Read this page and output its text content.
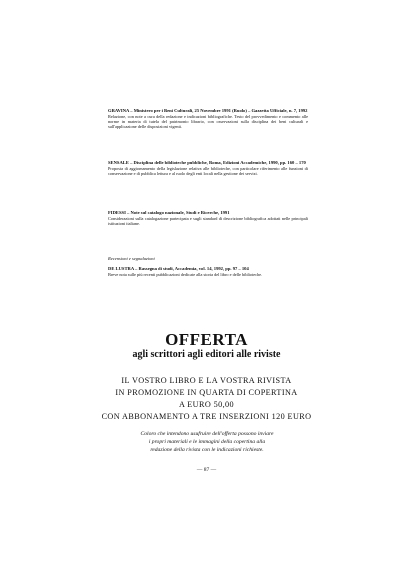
GRAVINA – Ministero per i Beni Culturali, 25 Novembre 1991 (Ruolo) – Gazzetta Ufficiale, n. 7, 1992
Relazione, con note a cura della redazione e indicazioni bibliografiche. Testo del provvedimento e commento alle norme in materia di tutela del patrimonio librario, con osservazioni sulla disciplina dei beni culturali e sull'applicazione delle disposizioni vigenti.
SENSALE – Disciplina delle biblioteche pubbliche, Roma, Edizioni Accademiche, 1990, pp. 160 – 170
Proposta di aggiornamento della legislazione relativa alle biblioteche, con particolare riferimento alle funzioni di conservazione e di pubblica lettura e al ruolo degli enti locali nella gestione dei servizi.
FIDESSI – Note sul catalogo nazionale, Studi e Ricerche, 1991
Considerazioni sulla catalogazione partecipata e sugli standard di descrizione bibliografica adottati nelle principali istituzioni italiane.
Recensioni e segnalazioni
DE LUSTRA – Rassegna di studi, Accademia, vol. 14, 1992, pp. 97 – 104
Breve nota sulle più recenti pubblicazioni dedicate alla storia del libro e delle biblioteche.
OFFERTA
agli scrittori agli editori alle riviste
IL VOSTRO LIBRO E LA VOSTRA RIVISTA
IN PROMOZIONE IN QUARTA DI COPERTINA
A EURO 50,00
CON ABBONAMENTO A TRE INSERZIONI 120 EURO
Coloro che intendono usufruire dell'offerta possono inviare
i propri materiali e le immagini della copertina alla
redazione della rivista con le indicazioni richieste.
— 87 —
